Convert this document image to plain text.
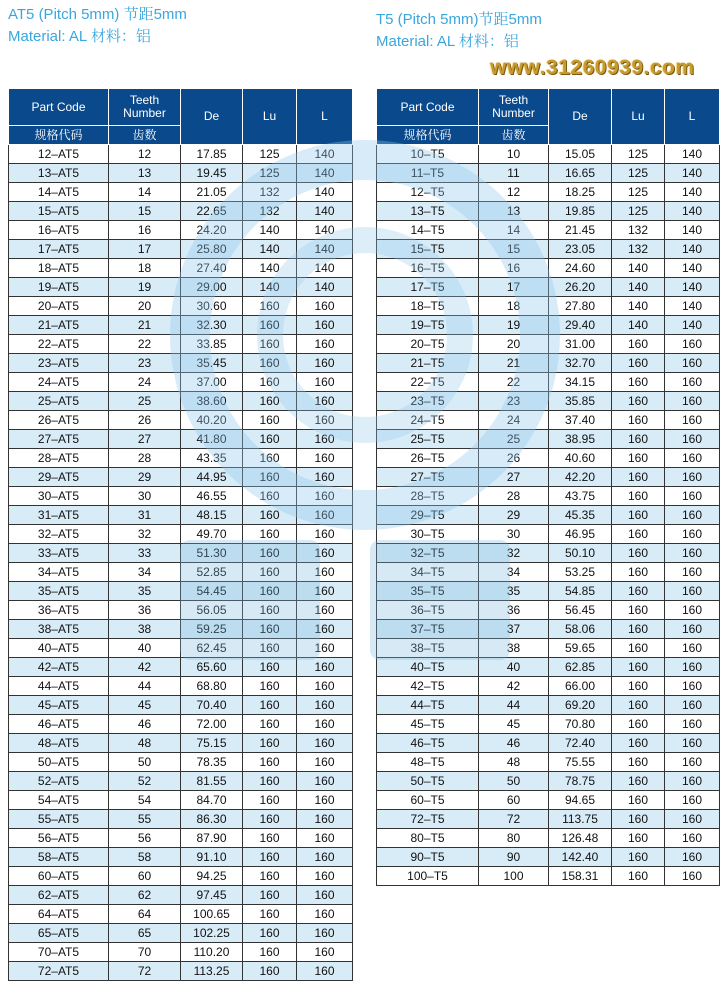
AT5 (Pitch 5mm) 节距5mm
Material: AL 材料：铝
T5 (Pitch 5mm)节距5mm
Material: AL 材料：铝
www.31260939.com
Part Code	Teeth Number	De	Lu	L
规格代码	齿数			
12–AT5	12	17.85	125	140
13–AT5	13	19.45	125	140
14–AT5	14	21.05	132	140
15–AT5	15	22.65	132	140
16–AT5	16	24.20	140	140
17–AT5	17	25.80	140	140
18–AT5	18	27.40	140	140
19–AT5	19	29.00	140	140
20–AT5	20	30.60	160	160
21–AT5	21	32.30	160	160
22–AT5	22	33.85	160	160
23–AT5	23	35.45	160	160
24–AT5	24	37.00	160	160
25–AT5	25	38.60	160	160
26–AT5	26	40.20	160	160
27–AT5	27	41.80	160	160
28–AT5	28	43.35	160	160
29–AT5	29	44.95	160	160
30–AT5	30	46.55	160	160
31–AT5	31	48.15	160	160
32–AT5	32	49.70	160	160
33–AT5	33	51.30	160	160
34–AT5	34	52.85	160	160
35–AT5	35	54.45	160	160
36–AT5	36	56.05	160	160
38–AT5	38	59.25	160	160
40–AT5	40	62.45	160	160
42–AT5	42	65.60	160	160
44–AT5	44	68.80	160	160
45–AT5	45	70.40	160	160
46–AT5	46	72.00	160	160
48–AT5	48	75.15	160	160
50–AT5	50	78.35	160	160
52–AT5	52	81.55	160	160
54–AT5	54	84.70	160	160
55–AT5	55	86.30	160	160
56–AT5	56	87.90	160	160
58–AT5	58	91.10	160	160
60–AT5	60	94.25	160	160
62–AT5	62	97.45	160	160
64–AT5	64	100.65	160	160
65–AT5	65	102.25	160	160
70–AT5	70	110.20	160	160
72–AT5	72	113.25	160	160
Part Code	Teeth Number	De	Lu	L
规格代码	齿数			
10–T5	10	15.05	125	140
11–T5	11	16.65	125	140
12–T5	12	18.25	125	140
13–T5	13	19.85	125	140
14–T5	14	21.45	132	140
15–T5	15	23.05	132	140
16–T5	16	24.60	140	140
17–T5	17	26.20	140	140
18–T5	18	27.80	140	140
19–T5	19	29.40	140	140
20–T5	20	31.00	160	160
21–T5	21	32.70	160	160
22–T5	22	34.15	160	160
23–T5	23	35.85	160	160
24–T5	24	37.40	160	160
25–T5	25	38.95	160	160
26–T5	26	40.60	160	160
27–T5	27	42.20	160	160
28–T5	28	43.75	160	160
29–T5	29	45.35	160	160
30–T5	30	46.95	160	160
32–T5	32	50.10	160	160
34–T5	34	53.25	160	160
35–T5	35	54.85	160	160
36–T5	36	56.45	160	160
37–T5	37	58.06	160	160
38–T5	38	59.65	160	160
40–T5	40	62.85	160	160
42–T5	42	66.00	160	160
44–T5	44	69.20	160	160
45–T5	45	70.80	160	160
46–T5	46	72.40	160	160
48–T5	48	75.55	160	160
50–T5	50	78.75	160	160
60–T5	60	94.65	160	160
72–T5	72	113.75	160	160
80–T5	80	126.48	160	160
90–T5	90	142.40	160	160
100–T5	100	158.31	160	160
